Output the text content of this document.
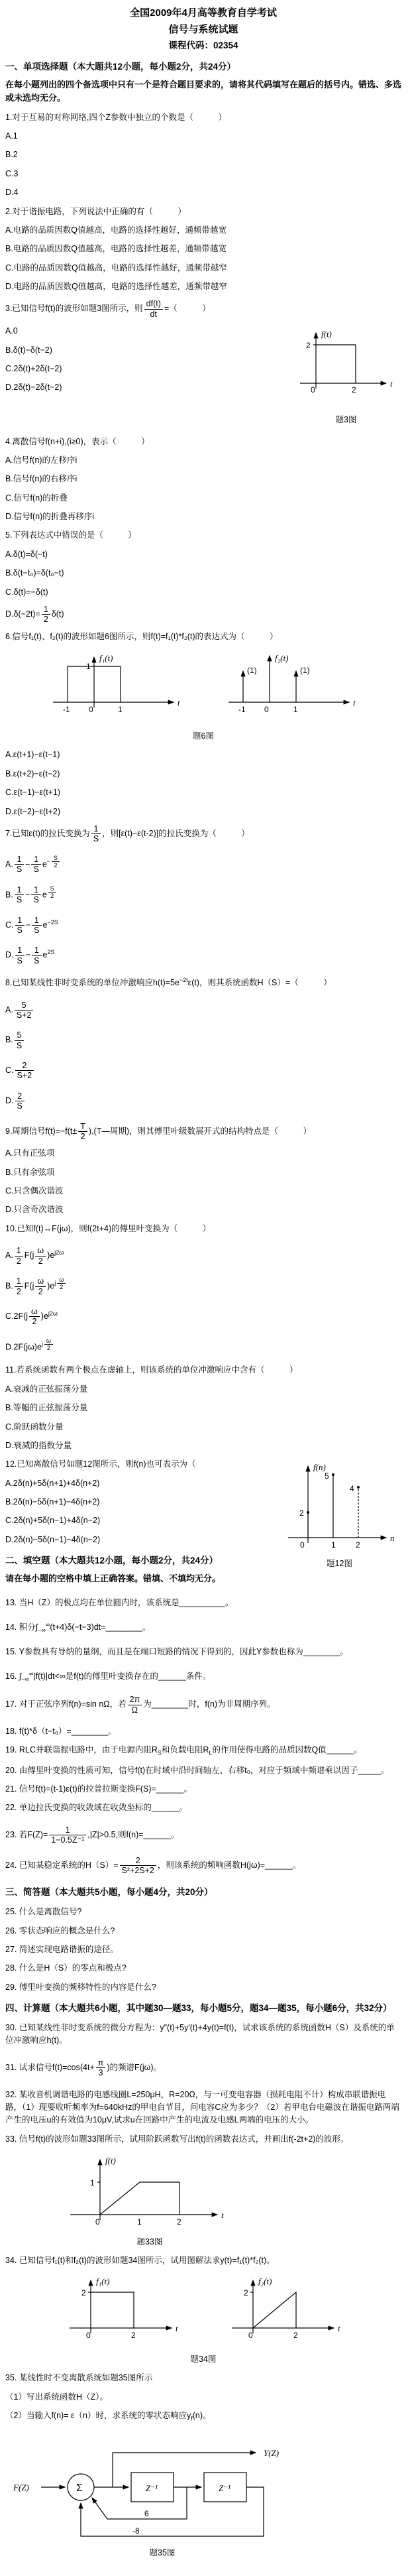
全国2009年4月高等教育自学考试
信号与系统试题
课程代码：02354
一、单项选择题（本大题共12小题，每小题2分，共24分）
在每小题列出的四个备选项中只有一个是符合题目要求的，请将其代码填写在题后的括号内。错选、多选或未选均无分。

1.对于互易的对称网络,四个Z参数中独立的个数是（　　　）

A.1

B.2

C.3

D.4

2.对于谐振电路，下列说法中正确的有（　　　）

A.电路的品质因数Q值越高，电路的选择性越好，通频带越宽

B.电路的品质因数Q值越高，电路的选择性越差，通频带越宽

C.电路的品质因数Q值越高，电路的选择性越好，通频带越窄

D.电路的品质因数Q值越高，电路的选择性越差，通频带越窄

3.已知信号f(t)的波形如题3图所示，则 $\frac{df(t)}{dt}$ =（　　　）

f(t)
2
0	2
t
题3图

A.0

B.δ(t)−δ(t−2)

C.2δ(t)+2δ(t−2)

D.2δ(t)−2δ(t−2)

4.离散信号f(n+i),(i≥0)，表示（　　　）

A.信号f(n)的左移序i

B.信号f(n)的右移序i

C.信号f(n)的折叠

D.信号f(n)的折叠再移序i

5.下列表达式中错误的是（　　　）

A.δ(t)=δ(−t)

B.δ(t−t₀)=δ(t₀−t)

C.δ(t)=−δ(t)

$D.\delta(-2t)= \frac{1}{2} \delta(t)$

6.信号f₁(t)、f₂(t)的波形如题6图所示，则f(t)=f₁(t)*f₂(t)的表达式为（　　　）

f₁(t)
1
-1 0	1
t
f₂(t)
(1)	(1)
-1 0	1
t
题6图

A.ε(t+1)−ε(t−1)

B.ε(t+2)−ε(t−2)

C.ε(t−1)−ε(t+1)

D.ε(t−2)−ε(t+2)

7.已知ε(t)的拉氏变换为 $\frac{1}{S}$ ，则[ε(t)−ε(t-2)]的拉氏变换为（　　　）

A. $\frac{1}{S} - \frac{1}{S} e^{- \frac{S}{2}}$

B. $\frac{1}{S} - \frac{1}{S}$ e $^{\frac{S}{2}}$

C. $\frac{1}{S} - \frac{1}{S} e^{-2S}$

D. $\frac{1}{S} - \frac{1}{S} e^{2S}$

8.已知某线性非时变系统的单位冲激响应$h(t)=5e^{-2t}\varepsilon(t)$，则其系统函数H（S）=（　　　）

A. $\frac{5}{S+2}$

B. $\frac{5}{S}$

C. $\frac{2}{S+2}$

D. $\frac{2}{S}$

9.周期信号$f(t)=-f(t\pm \frac{T}{2}$ ),(T—周期)，则其傅里叶级数展开式的结构特点是（　　　）

A.只有正弦项

B.只有余弦项

C.只含偶次谐波

D.只含奇次谐波

10.已知f(t)↔F(jω)，则f(2t+4)的傅里叶变换为（　　　）

A. $\frac{1}{2} F(j \frac{\omega}{2} )e^{j2\omega}$

B. $\frac{1}{2} F(j \frac{\omega}{2} )e^{j \frac{\omega}{2}}$

$C.2F(j \frac{\omega}{2} )e^{j2\omega}$

$D.2F(j\omega)e^{j \frac{\omega}{2}}$

11.若系统函数有两个极点在虚轴上，则该系统的单位冲激响应中含有（　　　）

A.衰减的正弦振荡分量

B.等幅的正弦振荡分量

C.阶跃函数分量

D.衰减的指数分量

f(n)
2
5
4
0	1	2
n
题12图

12.已知离散信号如题12图所示，则f(n)也可表示为（

A.2δ(n)+5δ(n+1)+4δ(n+2)

B.2δ(n)−5δ(n+1)−4δ(n+2)

C.2δ(n)+5δ(n−1)+4δ(n−2)

D.2δ(n)−5δ(n−1)−4δ(n−2)

二、填空题（本大题共12小题，每小题2分，共24分）
请在每小题的空格中填上正确答案。错填、不填均无分。

13. 当H（Z）的极点均在单位圆内时，该系统是__________。

14. 积分$\int_{-\infty}^\infty(t+4)\delta(-t-3)dt=\_\_\_\_\_\_\_\_$。

15. Y参数具有导纳的量纲，而且是在端口短路的情况下得到的，因此Y参数也称为________。

16. $\int_{-\infty}^\infty|f(t)|dt<\infty$是f(t)的傅里叶变换存在的______条件。

17. 对于正弦序列f(n)=sin nΩ，若 $\frac{2\pi}{\Omega}$ 为________时，f(n)为非周期序列。

18. f(t)*δ（t−t₀）=________。

19. RLC并联谐振电路中，由于电源内阻$R_S$和负载电阻$R_L$的作用使得电路的品质因数Q值______。

20. 由傅里叶变换的性质可知，信号f(t)在时域中沿时间轴左、右移t₀，对应于频域中频谱乘以因子_____。

21. 信号f(t)=(t-1)ε(t)的拉普拉斯变换F(S)=______。

22. 单边拉氏变换的收敛域在收敛坐标的______。

23. 若$F(Z)= \frac{1}{\text{1−0.5Z⁻¹}} ,|Z|>0.5$,则f(n)=______。

24. 已知某稳定系统的$H(S)= \frac{2}{\text{S²+2S+2}}$ ，则该系统的频响函数H(jω)=______。

三、简答题（本大题共5小题，每小题4分，共20分）

25. 什么是离散信号?

26. 零状态响应的概念是什么?

27. 简述实现电路谐振的途径。

28. 什么是H（S）的零点和极点?

29. 傅里叶变换的频移特性的内容是什么?

四、计算题（本大题共6小题，其中题30—题33，每小题5分，题34—题35，每小题6分，共32分）

30. 已知某线性非时变系统的微分方程为：y″(t)+5y′(t)+4y(t)=f(t)，试求该系统的系统函数H（S）及系统的单位冲激响应h(t)。

31. 试求信号$f(t)=\cos(4t+ \frac{\pi}{3}$ )的频谱F(jω)。

32. 某收音机调谐电路的电感线圈L=250μH，R=20Ω，与一可变电容器（损耗电阻不计）构成串联谐振电路，（1）现要收听频率为f=640kHz的甲电台节目，问电容C应为多少？（2）若甲电台电磁波在谐振电路两端产生的电压u的有效值为10μV,试求u在回路中产生的电流及电感L两端的电压的大小。

33. 信号f(t)的波形如题33图所示，试用阶跃函数写出f(t)的函数表达式，并画出f(-2t+2)的波形。

f(t)
1
0	1	2
t
题33图

34. 已知信号f₁(t)和f₂(t)的波形如题34图所示，试用图解法求y(t)=f₁(t)*f₂(t)。

f₁(t)
2
0	2
t
f₂(t)
2
0	2
t
题34图

35. 某线性时不变离散系统如题35图所示

（1）写出系统函数H（Z）。

（2）当输入f(n)= ε（n）时，求系统的零状态响应$y_f(n)$。

F(Z)	Σ
Y(Z)
Z⁻¹	Z⁻¹
6
-8
题35图
